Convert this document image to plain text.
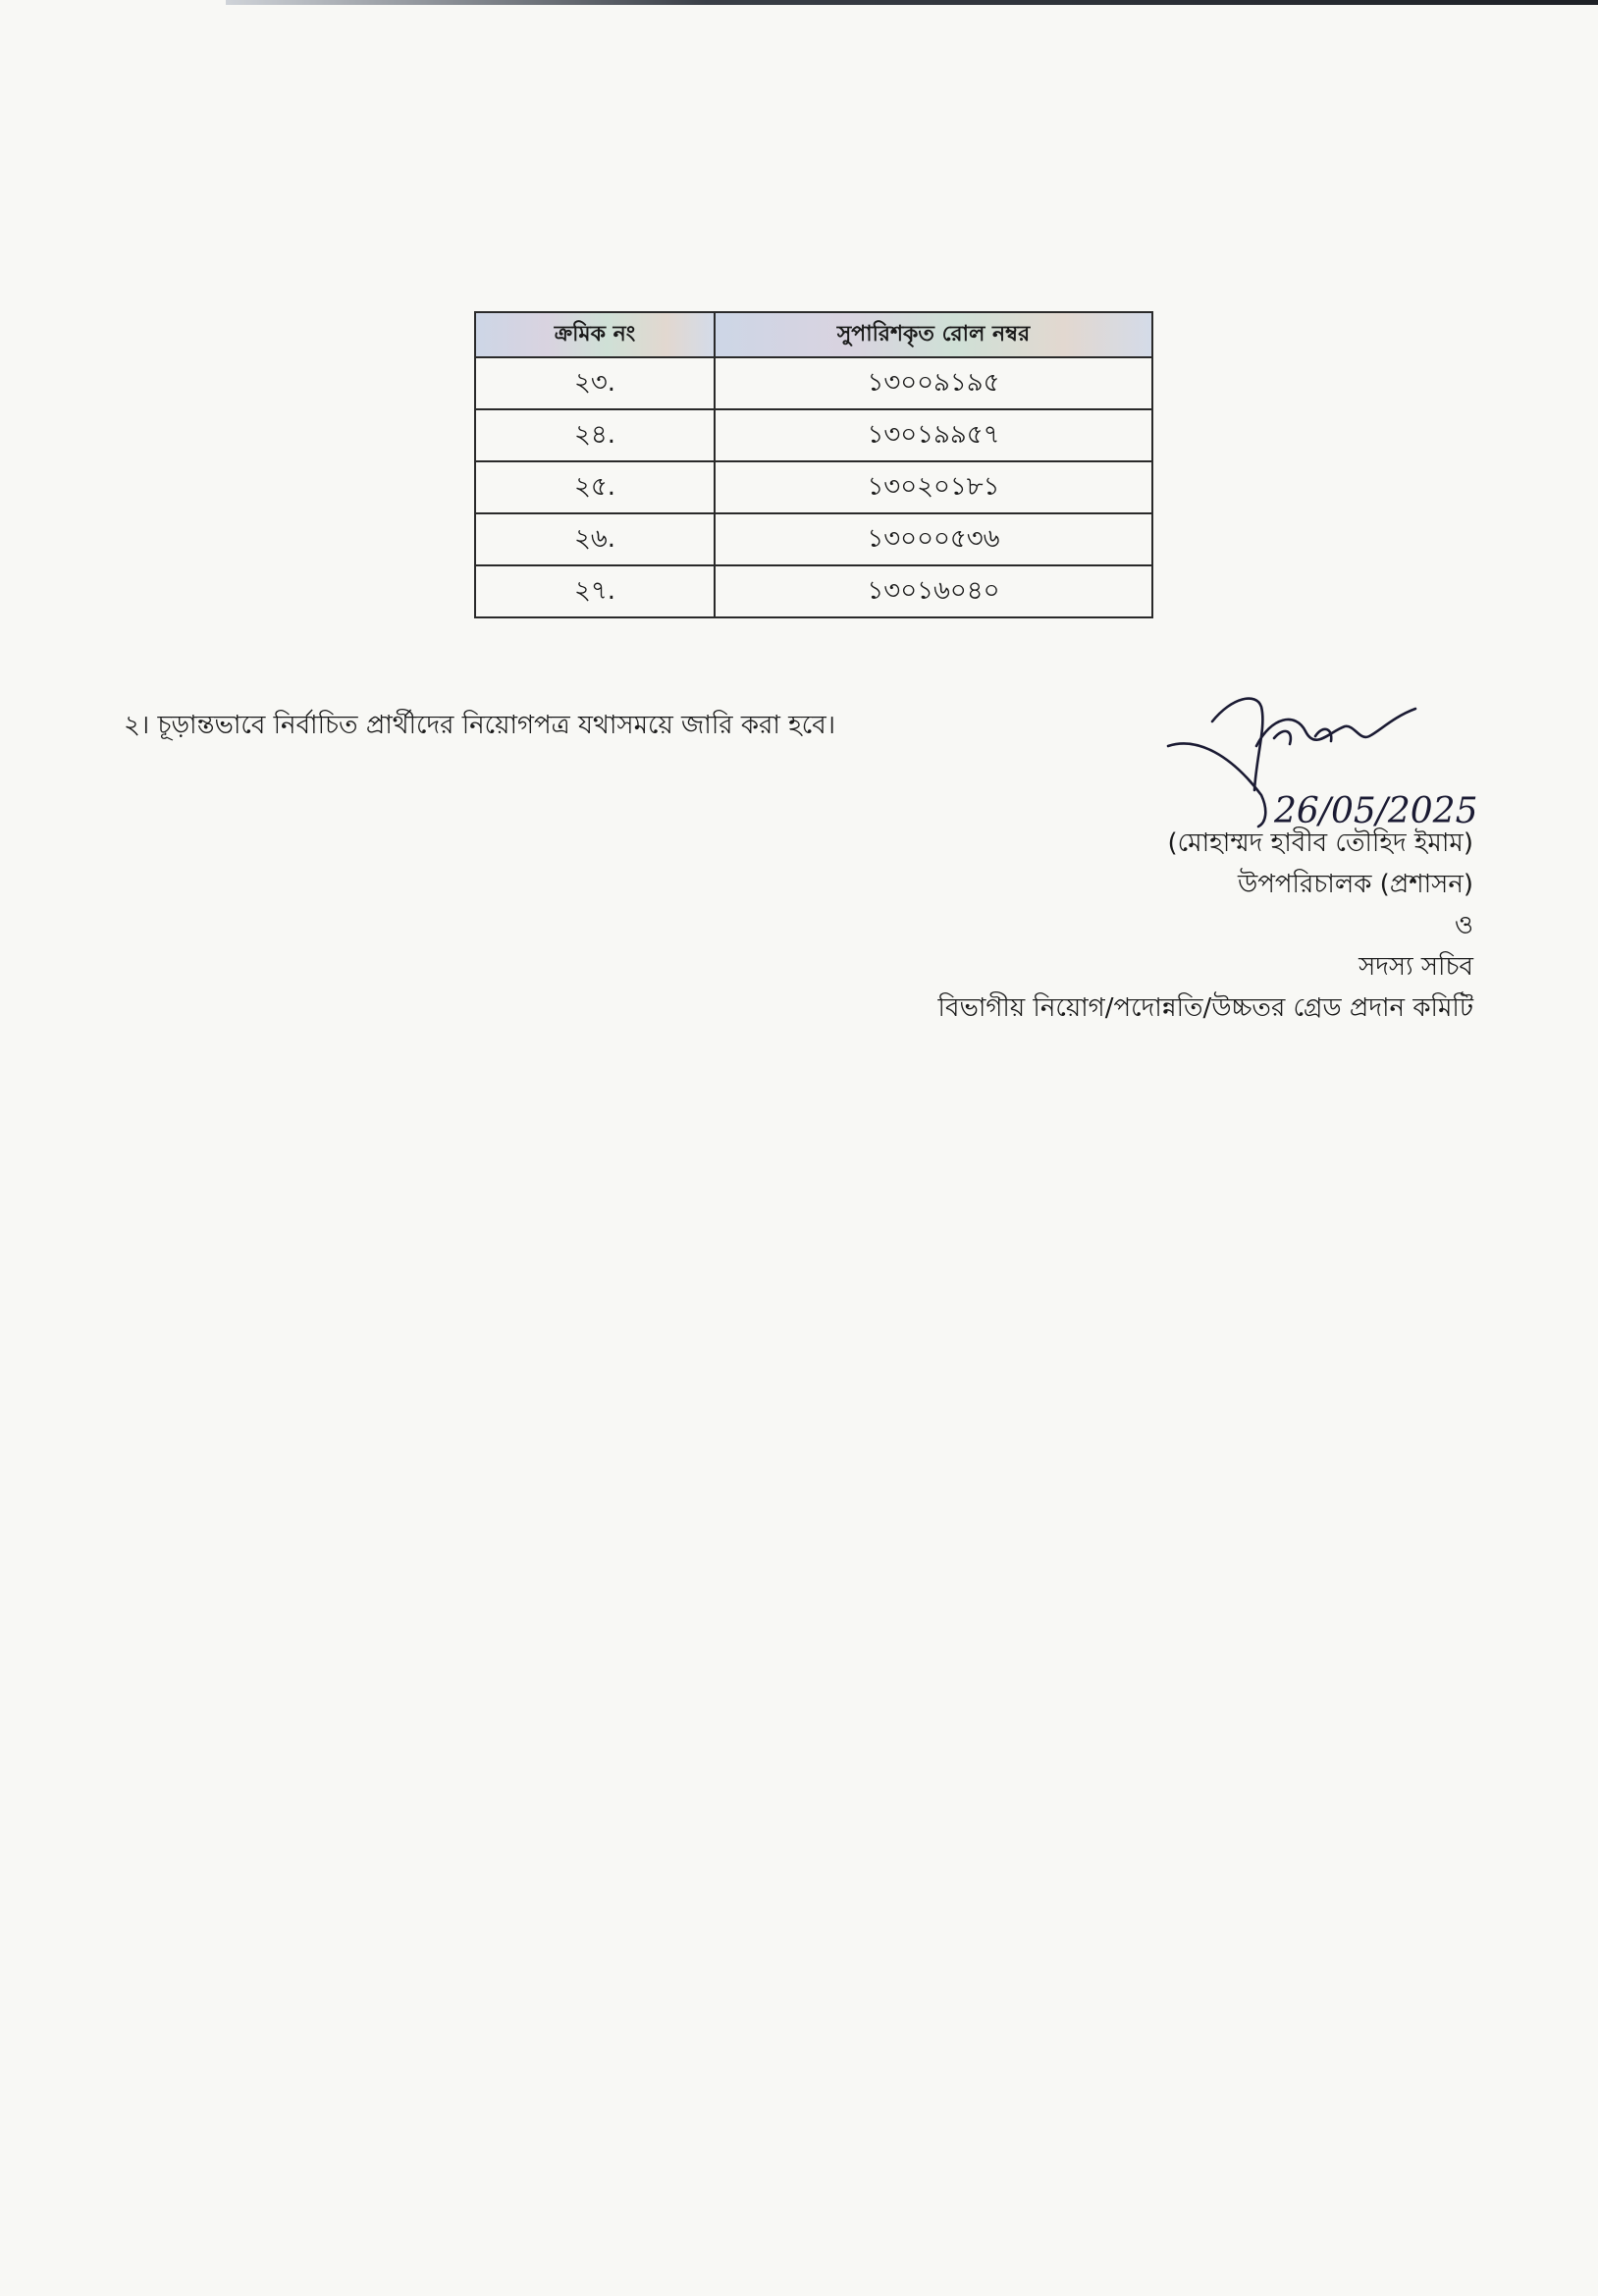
ক্রমিক নং	সুপারিশকৃত রোল নম্বর
২৩.	১৩০০৯১৯৫
২৪.	১৩০১৯৯৫৭
২৫.	১৩০২০১৮১
২৬.	১৩০০০৫৩৬
২৭.	১৩০১৬০৪০
২। চূড়ান্তভাবে নির্বাচিত প্রার্থীদের নিয়োগপত্র যথাসময়ে জারি করা হবে।
26/05/2025
(মোহাম্মদ হাবীব তৌহিদ ইমাম)
উপপরিচালক (প্রশাসন)
ও
সদস্য সচিব
বিভাগীয় নিয়োগ/পদোন্নতি/উচ্চতর গ্রেড প্রদান কমিটি
